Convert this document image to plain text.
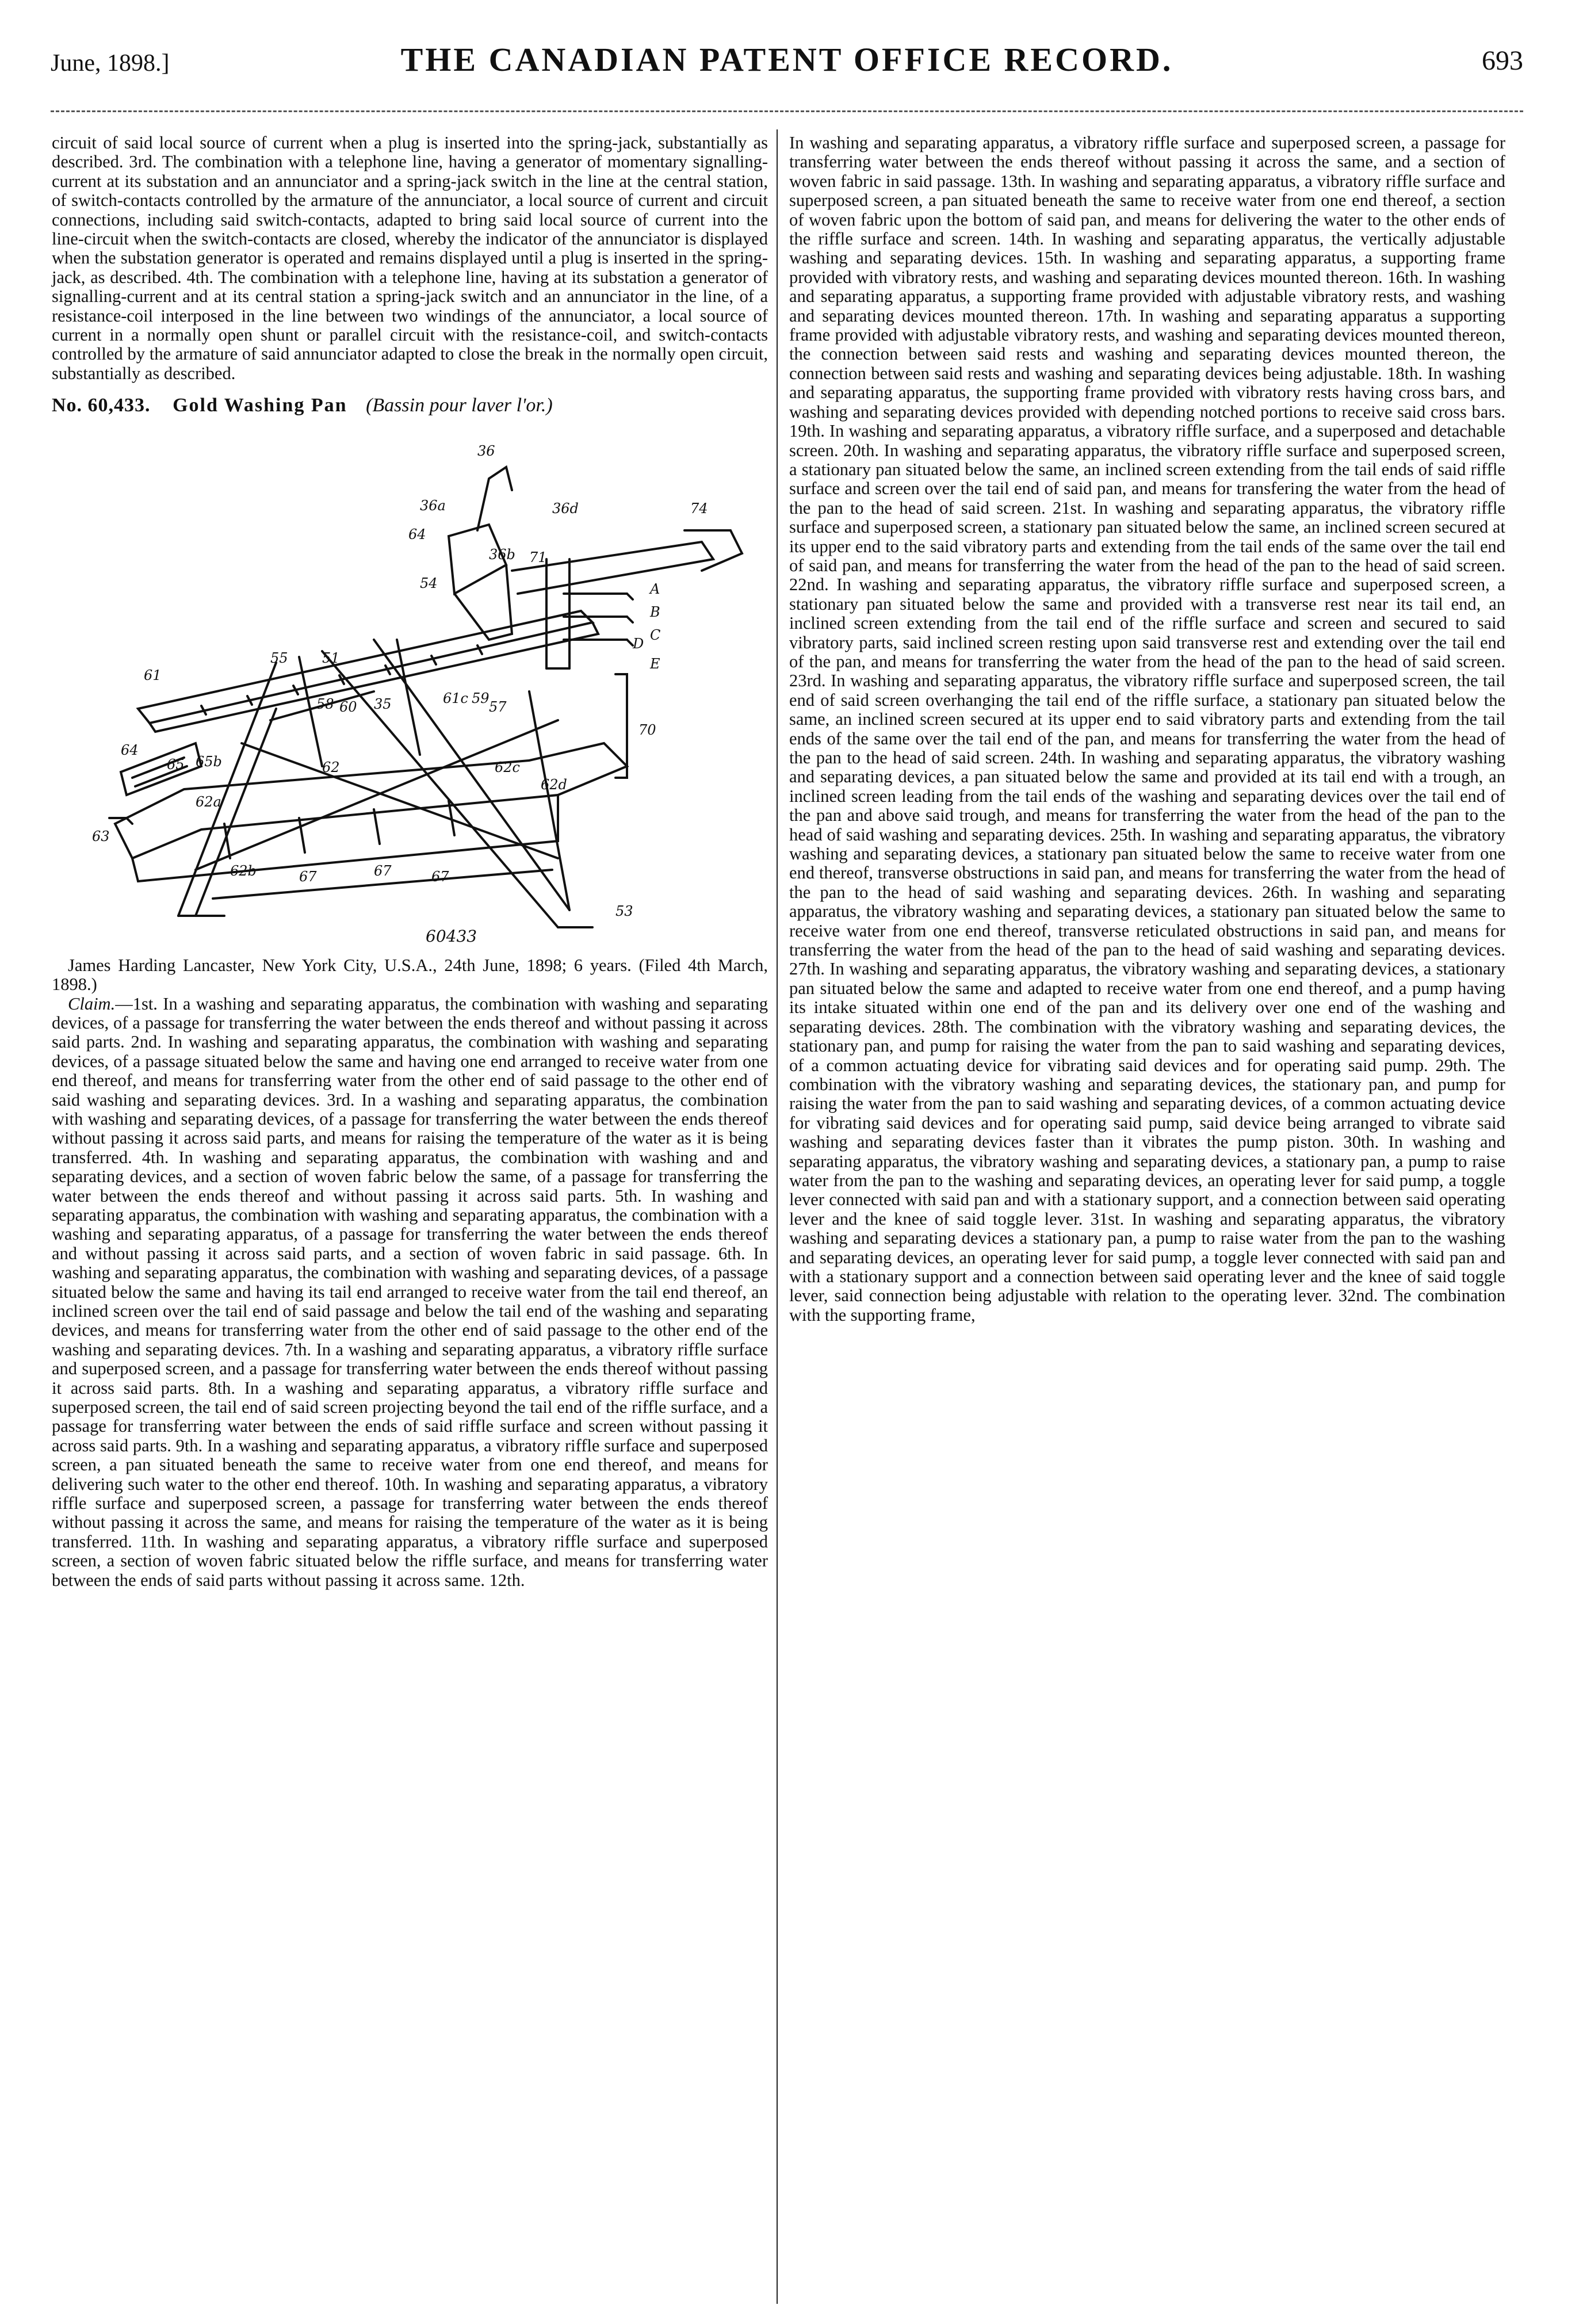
June, 1898.]	THE CANADIAN PATENT OFFICE RECORD.	693

circuit of said local source of current when a plug is inserted into the spring-jack, substantially as described. 3rd. The combination with a telephone line, having a generator of momentary signalling-current at its substation and an annunciator and a spring-jack switch in the line at the central station, of switch-contacts controlled by the armature of the annunciator, a local source of current and circuit connections, including said switch-contacts, adapted to bring said local source of current into the line-circuit when the switch-contacts are closed, whereby the indicator of the annunciator is displayed when the substation generator is operated and remains displayed until a plug is inserted in the spring-jack, as described. 4th. The combination with a telephone line, having at its substation a generator of signalling-current and at its central station a spring-jack switch and an annunciator in the line, of a resistance-coil interposed in the line between two windings of the annunciator, a local source of current in a normally open shunt or parallel circuit with the resistance-coil, and switch-contacts controlled by the armature of said annunciator adapted to close the break in the normally open circuit, substantially as described.

No. 60,433. Gold Washing Pan (Bassin pour laver l'or.)
36
36a
64
36d	74
36b 71
54	A
B
C
E
D
55 51
61
58 60 35	61c 59
57
70
64
65 65b	62	62c
62d
63
62a
62b	67	67	67
53
60433

James Harding Lancaster, New York City, U.S.A., 24th June, 1898; 6 years. (Filed 4th March, 1898.)

Claim.—1st. In a washing and separating apparatus, the combination with washing and separating devices, of a passage for transferring the water between the ends thereof and without passing it across said parts. 2nd. In washing and separating apparatus, the combination with washing and separating devices, of a passage situated below the same and having one end arranged to receive water from one end thereof, and means for transferring water from the other end of said passage to the other end of said washing and separating devices. 3rd. In a washing and separating apparatus, the combination with washing and separating devices, of a passage for transferring the water between the ends thereof without passing it across said parts, and means for raising the temperature of the water as it is being transferred. 4th. In washing and separating apparatus, the combination with washing and and separating devices, and a section of woven fabric below the same, of a passage for transferring the water between the ends thereof and without passing it across said parts. 5th. In washing and separating apparatus, the combination with washing and separating apparatus, the combination with a washing and separating apparatus, of a passage for transferring the water between the ends thereof and without passing it across said parts, and a section of woven fabric in said passage. 6th. In washing and separating apparatus, the combination with washing and separating devices, of a passage situated below the same and having its tail end arranged to receive water from the tail end thereof, an inclined screen over the tail end of said passage and below the tail end of the washing and separating devices, and means for transferring water from the other end of said passage to the other end of the washing and separating devices. 7th. In a washing and separating apparatus, a vibratory riffle surface and superposed screen, and a passage for transferring water between the ends thereof without passing it across said parts. 8th. In a washing and separating apparatus, a vibratory riffle surface and superposed screen, the tail end of said screen projecting beyond the tail end of the riffle surface, and a passage for transferring water between the ends of said riffle surface and screen without passing it across said parts. 9th. In a washing and separating apparatus, a vibratory riffle surface and superposed screen, a pan situated beneath the same to receive water from one end thereof, and means for delivering such water to the other end thereof. 10th. In washing and separating apparatus, a vibratory riffle surface and superposed screen, a passage for transferring water between the ends thereof without passing it across the same, and means for raising the temperature of the water as it is being transferred. 11th. In washing and separating apparatus, a vibratory riffle surface and superposed screen, a section of woven fabric situated below the riffle surface, and means for transferring water between the ends of said parts without passing it across same. 12th.

In washing and separating apparatus, a vibratory riffle surface and superposed screen, a passage for transferring water between the ends thereof without passing it across the same, and a section of woven fabric in said passage. 13th. In washing and separating apparatus, a vibratory riffle surface and superposed screen, a pan situated beneath the same to receive water from one end thereof, a section of woven fabric upon the bottom of said pan, and means for delivering the water to the other ends of the riffle surface and screen. 14th. In washing and separating apparatus, the vertically adjustable washing and separating devices. 15th. In washing and separating apparatus, a supporting frame provided with vibratory rests, and washing and separating devices mounted thereon. 16th. In washing and separating apparatus, a supporting frame provided with adjustable vibratory rests, and washing and separating devices mounted thereon. 17th. In washing and separating apparatus a supporting frame provided with adjustable vibratory rests, and washing and separating devices mounted thereon, the connection between said rests and washing and separating devices mounted thereon, the connection between said rests and washing and separating devices being adjustable. 18th. In washing and separating apparatus, the supporting frame provided with vibratory rests having cross bars, and washing and separating devices provided with depending notched portions to receive said cross bars. 19th. In washing and separating apparatus, a vibratory riffle surface, and a superposed and detachable screen. 20th. In washing and separating apparatus, the vibratory riffle surface and superposed screen, a stationary pan situated below the same, an inclined screen extending from the tail ends of said riffle surface and screen over the tail end of said pan, and means for transfering the water from the head of the pan to the head of said screen. 21st. In washing and separating apparatus, the vibratory riffle surface and superposed screen, a stationary pan situated below the same, an inclined screen secured at its upper end to the said vibratory parts and extending from the tail ends of the same over the tail end of said pan, and means for transferring the water from the head of the pan to the head of said screen. 22nd. In washing and separating apparatus, the vibratory riffle surface and superposed screen, a stationary pan situated below the same and provided with a transverse rest near its tail end, an inclined screen extending from the tail end of the riffle surface and screen and secured to said vibratory parts, said inclined screen resting upon said transverse rest and extending over the tail end of the pan, and means for transferring the water from the head of the pan to the head of said screen. 23rd. In washing and separating apparatus, the vibratory riffle surface and superposed screen, the tail end of said screen overhanging the tail end of the riffle surface, a stationary pan situated below the same, an inclined screen secured at its upper end to said vibratory parts and extending from the tail ends of the same over the tail end of the pan, and means for transferring the water from the head of the pan to the head of said screen. 24th. In washing and separating apparatus, the vibratory washing and separating devices, a pan situated below the same and provided at its tail end with a trough, an inclined screen leading from the tail ends of the washing and separating devices over the tail end of the pan and above said trough, and means for transferring the water from the head of the pan to the head of said washing and separating devices. 25th. In washing and separating apparatus, the vibratory washing and separating devices, a stationary pan situated below the same to receive water from one end thereof, transverse obstructions in said pan, and means for transferring the water from the head of the pan to the head of said washing and separating devices. 26th. In washing and separating apparatus, the vibratory washing and separating devices, a stationary pan situated below the same to receive water from one end thereof, transverse reticulated obstructions in said pan, and means for transferring the water from the head of the pan to the head of said washing and separating devices. 27th. In washing and separating apparatus, the vibratory washing and separating devices, a stationary pan situated below the same and adapted to receive water from one end thereof, and a pump having its intake situated within one end of the pan and its delivery over one end of the washing and separating devices. 28th. The combination with the vibratory washing and separating devices, the stationary pan, and pump for raising the water from the pan to said washing and separating devices, of a common actuating device for vibrating said devices and for operating said pump. 29th. The combination with the vibratory washing and separating devices, the stationary pan, and pump for raising the water from the pan to said washing and separating devices, of a common actuating device for vibrating said devices and for operating said pump, said device being arranged to vibrate said washing and separating devices faster than it vibrates the pump piston. 30th. In washing and separating apparatus, the vibratory washing and separating devices, a stationary pan, a pump to raise water from the pan to the washing and separating devices, an operating lever for said pump, a toggle lever connected with said pan and with a stationary support, and a connection between said operating lever and the knee of said toggle lever. 31st. In washing and separating apparatus, the vibratory washing and separating devices a stationary pan, a pump to raise water from the pan to the washing and separating devices, an operating lever for said pump, a toggle lever connected with said pan and with a stationary support and a connection between said operating lever and the knee of said toggle lever, said connection being adjustable with relation to the operating lever. 32nd. The combination with the supporting frame,
